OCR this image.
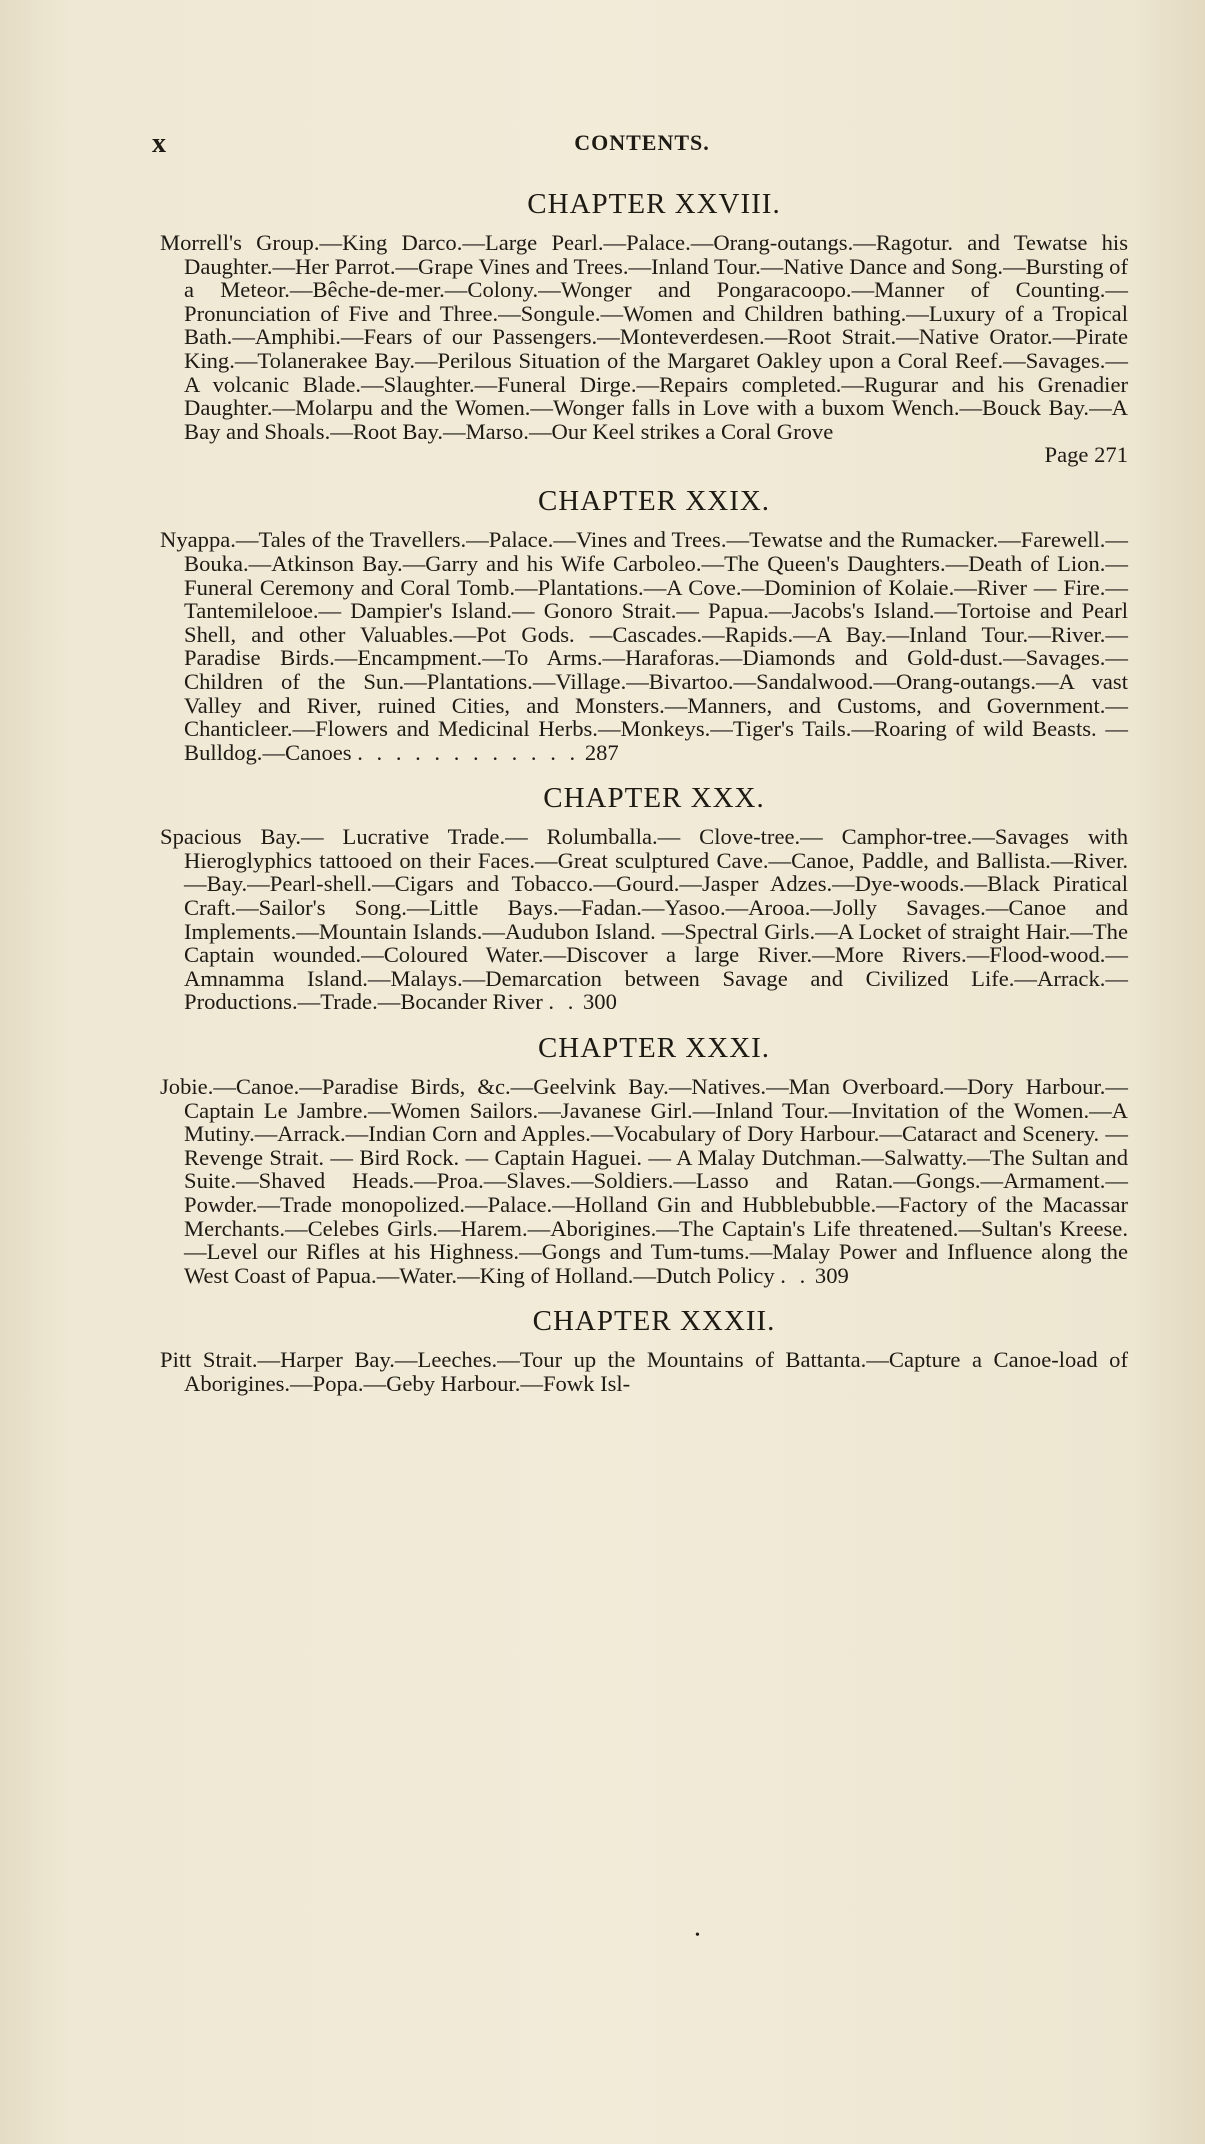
x	CONTENTS.
CHAPTER XXVIII.

Morrell's Group.—King Darco.—Large Pearl.—Palace.—Orang-outangs.—Ragotur. and Tewatse his Daughter.—Her Parrot.—Grape Vines and Trees.—Inland Tour.—Native Dance and Song.—Bursting of a Meteor.—Bêche-de-mer.—Colony.—Wonger and Pongaracoopo.—Manner of Counting.—Pronunciation of Five and Three.—Songule.—Women and Children bathing.—Luxury of a Tropical Bath.—Amphibi.—Fears of our Passengers.—Monteverdesen.—Root Strait.—Native Orator.—Pirate King.—Tolanerakee Bay.—Perilous Situation of the Margaret Oakley upon a Coral Reef.—Savages.—A volcanic Blade.—Slaughter.—Funeral Dirge.—Repairs completed.—Rugurar and his Grenadier Daughter.—Molarpu and the Women.—Wonger falls in Love with a buxom Wench.—Bouck Bay.—A Bay and Shoals.—Root Bay.—Marso.—Our Keel strikes a Coral Grove

Page 271
CHAPTER XXIX.

Nyappa.—Tales of the Travellers.—Palace.—Vines and Trees.—Tewatse and the Rumacker.—Farewell.—Bouka.—Atkinson Bay.—Garry and his Wife Carboleo.—The Queen's Daughters.—Death of Lion.—Funeral Ceremony and Coral Tomb.—Plantations.—A Cove.—Dominion of Kolaie.—River — Fire.—Tantemilelooe.— Dampier's Island.— Gonoro Strait.— Papua.—Jacobs's Island.—Tortoise and Pearl Shell, and other Valuables.—Pot Gods. —Cascades.—Rapids.—A Bay.—Inland Tour.—River.—Paradise Birds.—Encampment.—To Arms.—Haraforas.—Diamonds and Gold-dust.—Savages.—Children of the Sun.—Plantations.—Village.—Bivartoo.—Sandalwood.—Orang-outangs.—A vast Valley and River, ruined Cities, and Monsters.—Manners, and Customs, and Government.—Chanticleer.—Flowers and Medicinal Herbs.—Monkeys.—Tiger's Tails.—Roaring of wild Beasts. —Bulldog.—Canoes . . . . . . . . . . . . 287

CHAPTER XXX.

Spacious Bay.— Lucrative Trade.— Rolumballa.— Clove-tree.— Camphor-tree.—Savages with Hieroglyphics tattooed on their Faces.—Great sculptured Cave.—Canoe, Paddle, and Ballista.—River.—Bay.—Pearl-shell.—Cigars and Tobacco.—Gourd.—Jasper Adzes.—Dye-woods.—Black Piratical Craft.—Sailor's Song.—Little Bays.—Fadan.—Yasoo.—Arooa.—Jolly Savages.—Canoe and Implements.—Mountain Islands.—Audubon Island. —Spectral Girls.—A Locket of straight Hair.—The Captain wounded.—Coloured Water.—Discover a large River.—More Rivers.—Flood-wood.—Amnamma Island.—Malays.—Demarcation between Savage and Civilized Life.—Arrack.—Productions.—Trade.—Bocander River . . 300

CHAPTER XXXI.

Jobie.—Canoe.—Paradise Birds, &c.—Geelvink Bay.—Natives.—Man Overboard.—Dory Harbour.—Captain Le Jambre.—Women Sailors.—Javanese Girl.—Inland Tour.—Invitation of the Women.—A Mutiny.—Arrack.—Indian Corn and Apples.—Vocabulary of Dory Harbour.—Cataract and Scenery. — Revenge Strait. — Bird Rock. — Captain Haguei. — A Malay Dutchman.—Salwatty.—The Sultan and Suite.—Shaved Heads.—Proa.—Slaves.—Soldiers.—Lasso and Ratan.—Gongs.—Armament.—Powder.—Trade monopolized.—Palace.—Holland Gin and Hubblebubble.—Factory of the Macassar Merchants.—Celebes Girls.—Harem.—Aborigines.—The Captain's Life threatened.—Sultan's Kreese.—Level our Rifles at his Highness.—Gongs and Tum-tums.—Malay Power and Influence along the West Coast of Papua.—Water.—King of Holland.—Dutch Policy . . 309

CHAPTER XXXII.

Pitt Strait.—Harper Bay.—Leeches.—Tour up the Mountains of Battanta.—Capture a Canoe-load of Aborigines.—Popa.—Geby Harbour.—Fowk Isl-

•
